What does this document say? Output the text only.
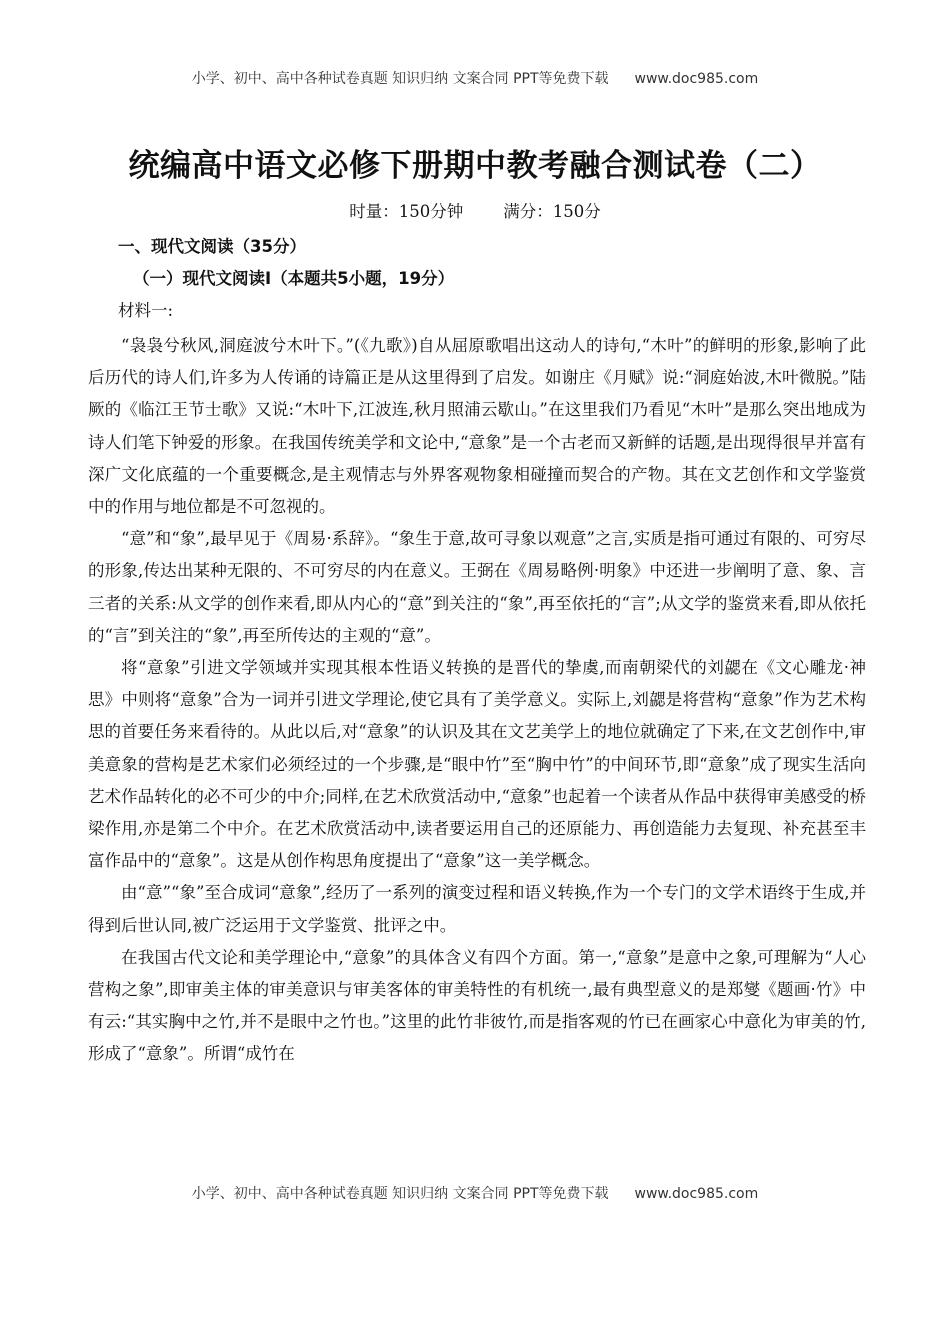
小学、初中、高中各种试卷真题 知识归纳 文案合同 PPT等免费下载 www.doc985.com
统编高中语文必修下册期中教考融合测试卷（二）
时量：150分钟 满分：150分
一、现代文阅读（35分）
（一）现代文阅读Ⅰ（本题共5小题，19分）
材料一:

“袅袅兮秋风,洞庭波兮木叶下。”(《九歌》)自从屈原歌唱出这动人的诗句,“木叶”的鲜明的形象,影响了此后历代的诗人们,许多为人传诵的诗篇正是从这里得到了启发。如谢庄《月赋》说:“洞庭始波,木叶微脱。”陆厥的《临江王节士歌》又说:“木叶下,江波连,秋月照浦云歇山。”在这里我们乃看见“木叶”是那么突出地成为诗人们笔下钟爱的形象。在我国传统美学和文论中,“意象”是一个古老而又新鲜的话题,是出现得很早并富有深广文化底蕴的一个重要概念,是主观情志与外界客观物象相碰撞而契合的产物。其在文艺创作和文学鉴赏中的作用与地位都是不可忽视的。

“意”和“象”,最早见于《周易·系辞》。“象生于意,故可寻象以观意”之言,实质是指可通过有限的、可穷尽的形象,传达出某种无限的、不可穷尽的内在意义。王弼在《周易略例·明象》中还进一步阐明了意、象、言三者的关系:从文学的创作来看,即从内心的“意”到关注的“象”,再至依托的“言”;从文学的鉴赏来看,即从依托的“言”到关注的“象”,再至所传达的主观的“意”。

将“意象”引进文学领域并实现其根本性语义转换的是晋代的挚虞,而南朝梁代的刘勰在《文心雕龙·神思》中则将“意象”合为一词并引进文学理论,使它具有了美学意义。实际上,刘勰是将营构“意象”作为艺术构思的首要任务来看待的。从此以后,对“意象”的认识及其在文艺美学上的地位就确定了下来,在文艺创作中,审美意象的营构是艺术家们必须经过的一个步骤,是“眼中竹”至“胸中竹”的中间环节,即“意象”成了现实生活向艺术作品转化的必不可少的中介;同样,在艺术欣赏活动中,“意象”也起着一个读者从作品中获得审美感受的桥梁作用,亦是第二个中介。在艺术欣赏活动中,读者要运用自己的还原能力、再创造能力去复现、补充甚至丰富作品中的“意象”。这是从创作构思角度提出了“意象”这一美学概念。

由“意”“象”至合成词“意象”,经历了一系列的演变过程和语义转换,作为一个专门的文学术语终于生成,并得到后世认同,被广泛运用于文学鉴赏、批评之中。

在我国古代文论和美学理论中,“意象”的具体含义有四个方面。第一,“意象”是意中之象,可理解为“人心营构之象”,即审美主体的审美意识与审美客体的审美特性的有机统一,最有典型意义的是郑燮《题画·竹》中有云:“其实胸中之竹,并不是眼中之竹也。”这里的此竹非彼竹,而是指客观的竹已在画家心中意化为审美的竹,形成了“意象”。所谓“成竹在

小学、初中、高中各种试卷真题 知识归纳 文案合同 PPT等免费下载 www.doc985.com
